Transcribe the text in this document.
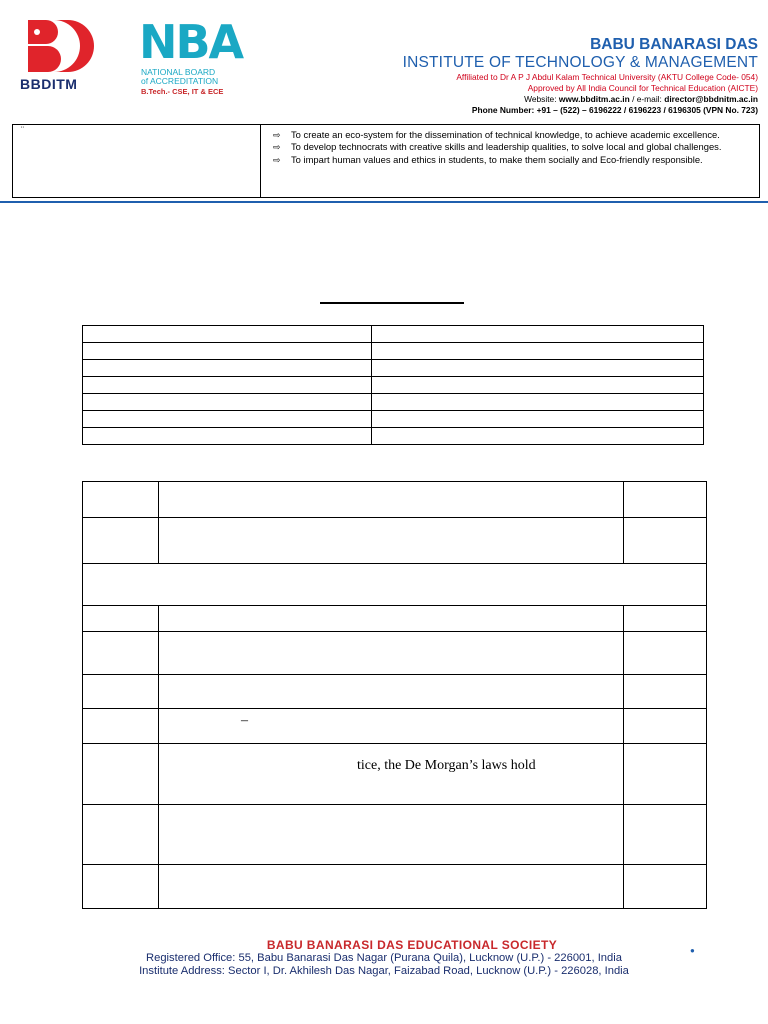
BBDITM
NBA
NATIONAL BOARD
of ACCREDITATION
B.Tech.- CSE, IT & ECE
BABU BANARASI DAS
INSTITUTE OF TECHNOLOGY & MANAGEMENT
Affiliated to Dr A P J Abdul Kalam Technical University (AKTU College Code- 054)
Approved by All India Council for Technical Education (AICTE)
Website: www.bbditm.ac.in / e-mail: director@bbdnitm.ac.in
Phone Number: +91 – (522) – 6196222 / 6196223 / 6196305 (VPN No. 723)
¨	⇨	To create an eco-system for the dissemination of technical knowledge, to achieve academic excellence.
⇨	To develop technocrats with creative skills and leadership qualities, to solve local and global challenges.
⇨	To impart human values and ethics in students, to make them socially and Eco-friendly responsible.

	–	

	tice, the De Morgan’s laws hold	

BABU BANARASI DAS EDUCATIONAL SOCIETY
Registered Office: 55, Babu Banarasi Das Nagar (Purana Quila), Lucknow (U.P.) - 226001, India
Institute Address: Sector I, Dr. Akhilesh Das Nagar, Faizabad Road, Lucknow (U.P.) - 226028, India
●
